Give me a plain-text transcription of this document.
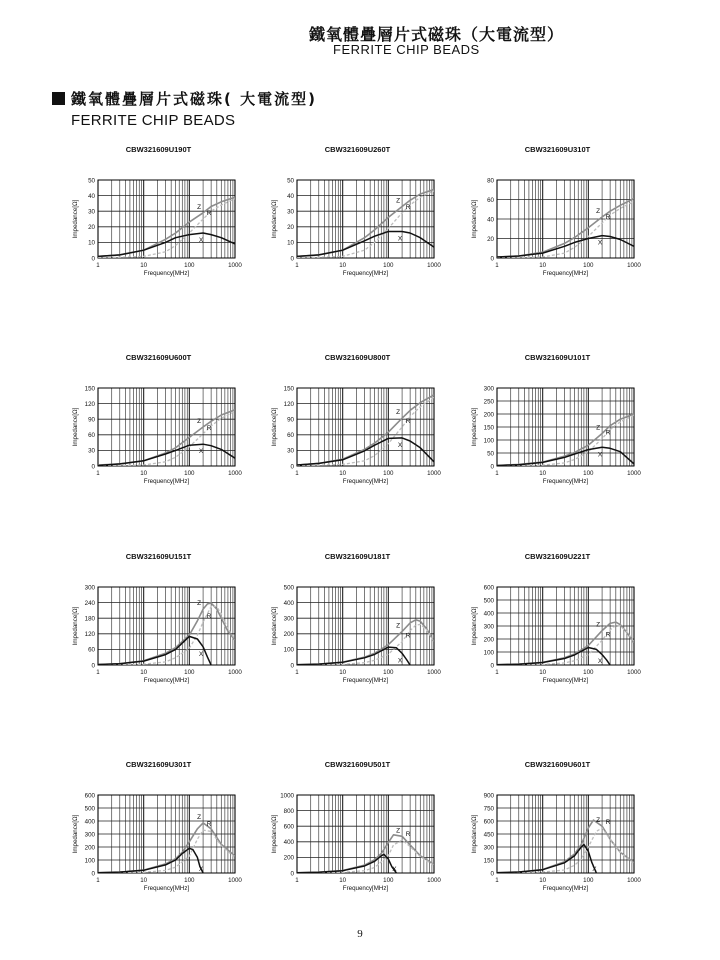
鐵氧體疊層片式磁珠（大電流型）
FERRITE CHIP BEADS
鐵氧體疊層片式磁珠( 大電流型)
FERRITE CHIP BEADS
CBW321609U190T
0
10
20
30
40
50
1	10	100	1000
Frequency[MHz]
Impedance[Ω]	Z
R
X
CBW321609U260T
0
10
20
30
40
50
1	10	100	1000
Frequency[MHz]
Impedance[Ω]	Z
R
X
CBW321609U310T
0
20
40
60
80
1	10	100	1000
Frequency[MHz]
Impedance[Ω]	Z
R
X
CBW321609U600T
0
30
60
90
120
150
1	10	100	1000
Frequency[MHz]
Impedance[Ω]	Z
R
X
CBW321609U800T
0
30
60
90
120
150
1	10	100	1000
Frequency[MHz]
Impedance[Ω]	Z
R
X
CBW321609U101T
0
50
100
150
200
250
300
1	10	100	1000
Frequency[MHz]
Impedance[Ω]	Z
R
X
CBW321609U151T
0
60
120
180
240
300
1	10	100	1000
Frequency[MHz]
Impedance[Ω]
Z
R
X
CBW321609U181T
0
100
200
300
400
500
1	10	100	1000
Frequency[MHz]
Impedance[Ω]	Z
R
X
CBW321609U221T
0
100
200
300
400
500
600
1	10	100	1000
Frequency[MHz]
Impedance[Ω]	Z
R
X
CBW321609U301T
0
100
200
300
400
500
600
1	10	100	1000
Frequency[MHz]
Impedance[Ω]	Z
R
X
CBW321609U501T
0
200
400
600
800
1000
1	10	100	1000
Frequency[MHz]
Impedance[Ω]	Z
R
X
CBW321609U601T
0
150
300
450
600
750
900
1	10	100	1000
Frequency[MHz]
Impedance[Ω]	Z R
X
9
